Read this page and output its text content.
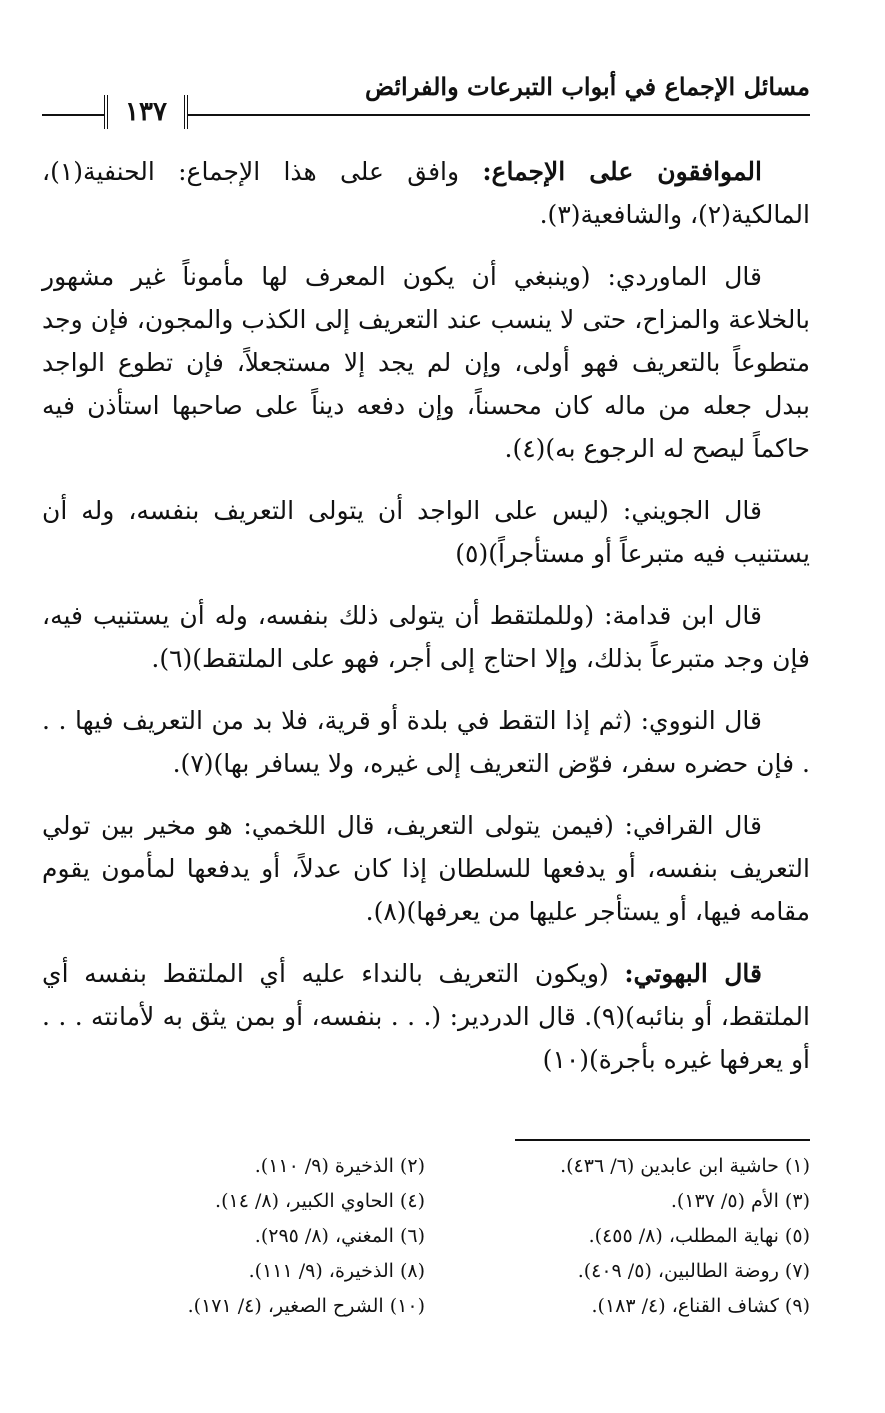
مسائل الإجماع في أبواب التبرعات والفرائض
١٣٧

الموافقون على الإجماع: وافق على هذا الإجماع: الحنفية(١)، المالكية(٢)، والشافعية(٣).

قال الماوردي: (وينبغي أن يكون المعرف لها مأموناً غير مشهور بالخلاعة والمزاح، حتى لا ينسب عند التعريف إلى الكذب والمجون، فإن وجد متطوعاً بالتعريف فهو أولى، وإن لم يجد إلا مستجعلاً، فإن تطوع الواجد ببدل جعله من ماله كان محسناً، وإن دفعه ديناً على صاحبها استأذن فيه حاكماً ليصح له الرجوع به)(٤).

قال الجويني: (ليس على الواجد أن يتولى التعريف بنفسه، وله أن يستنيب فيه متبرعاً أو مستأجراً)(٥)

قال ابن قدامة: (وللملتقط أن يتولى ذلك بنفسه، وله أن يستنيب فيه، فإن وجد متبرعاً بذلك، وإلا احتاج إلى أجر، فهو على الملتقط)(٦).

قال النووي: (ثم إذا التقط في بلدة أو قرية، فلا بد من التعريف فيها . . . فإن حضره سفر، فوّض التعريف إلى غيره، ولا يسافر بها)(٧).

قال القرافي: (فيمن يتولى التعريف، قال اللخمي: هو مخير بين تولي التعريف بنفسه، أو يدفعها للسلطان إذا كان عدلاً، أو يدفعها لمأمون يقوم مقامه فيها، أو يستأجر عليها من يعرفها)(٨).

قال البهوتي: (ويكون التعريف بالنداء عليه أي الملتقط بنفسه أي الملتقط، أو بنائبه)(٩). قال الدردير: (. . . بنفسه، أو بمن يثق به لأمانته . . . أو يعرفها غيره بأجرة)(١٠)

(١) حاشية ابن عابدين (٦/ ٤٣٦).
(٢) الذخيرة (٩/ ١١٠).
(٣) الأم (٥/ ١٣٧).
(٤) الحاوي الكبير، (٨/ ١٤).
(٥) نهاية المطلب، (٨/ ٤٥٥).
(٦) المغني، (٨/ ٢٩٥).
(٧) روضة الطالبين، (٥/ ٤٠٩).
(٨) الذخيرة، (٩/ ١١١).
(٩) كشاف القناع، (٤/ ١٨٣).
(١٠) الشرح الصغير، (٤/ ١٧١).
